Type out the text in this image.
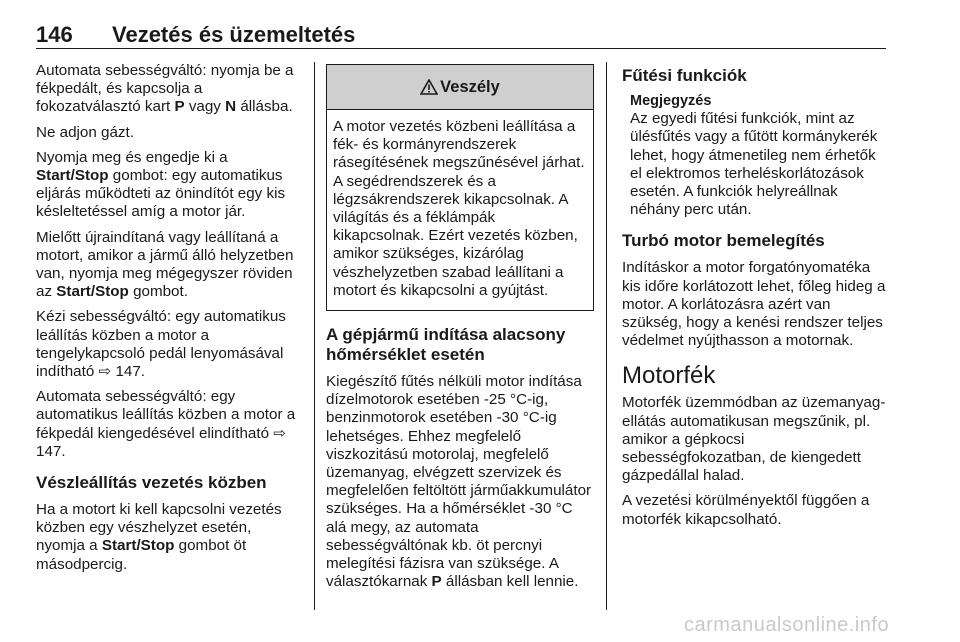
146 Vezetés és üzemeltetés

Automata sebességváltó: nyomja be a fékpedált, és kapcsolja a fokozatválasztó kart P vagy N állásba.

Ne adjon gázt.

Nyomja meg és engedje ki a Start/Stop gombot: egy automatikus eljárás működteti az önindítót egy kis késleltetéssel amíg a motor jár.

Mielőtt újraindítaná vagy leállítaná a motort, amikor a jármű álló helyzetben van, nyomja meg mégegyszer röviden az Start/Stop gombot.

Kézi sebességváltó: egy automatikus leállítás közben a motor a tengelykapcsoló pedál lenyomásával indítható ⇨ 147.

Automata sebességváltó: egy automatikus leállítás közben a motor a fékpedál kiengedésével elindítható ⇨ 147.

Vészleállítás vezetés közben

Ha a motort ki kell kapcsolni vezetés közben egy vészhelyzet esetén, nyomja a Start/Stop gombot öt másodpercig.

Veszély
A motor vezetés közbeni leállítása a fék- és kormányrendszerek rásegítésének megszűnésével járhat. A segédrendszerek és a légzsákrendszerek kikapcsolnak. A világítás és a féklámpák kikapcsolnak. Ezért vezetés közben, amikor szükséges, kizárólag vészhelyzetben szabad leállítani a motort és kikapcsolni a gyújtást.
A gépjármű indítása alacsony hőmérséklet esetén

Kiegészítő fűtés nélküli motor indítása dízelmotorok esetében -25 °C-ig, benzinmotorok esetében -30 °C-ig lehetséges. Ehhez megfelelő viszkozitású motorolaj, megfelelő üzemanyag, elvégzett szervizek és megfelelően feltöltött járműakkumulátor szükséges. Ha a hőmérséklet -30 °C alá megy, az automata sebességváltónak kb. öt percnyi melegítési fázisra van szüksége. A választókarnak P állásban kell lennie.

Fűtési funkciók
Megjegyzés
Az egyedi fűtési funkciók, mint az ülésfűtés vagy a fűtött kormánykerék lehet, hogy átmenetileg nem érhetők el elektromos terheléskorlátozások esetén. A funkciók helyreállnak néhány perc után.
Turbó motor bemelegítés

Indításkor a motor forgatónyomatéka kis időre korlátozott lehet, főleg hideg a motor. A korlátozásra azért van szükség, hogy a kenési rendszer teljes védelmet nyújthasson a motornak.

Motorfék

Motorfék üzemmódban az üzemanyag-ellátás automatikusan megszűnik, pl. amikor a gépkocsi sebességfokozatban, de kiengedett gázpedállal halad.

A vezetési körülményektől függően a motorfék kikapcsolható.

carmanualsonline.info
